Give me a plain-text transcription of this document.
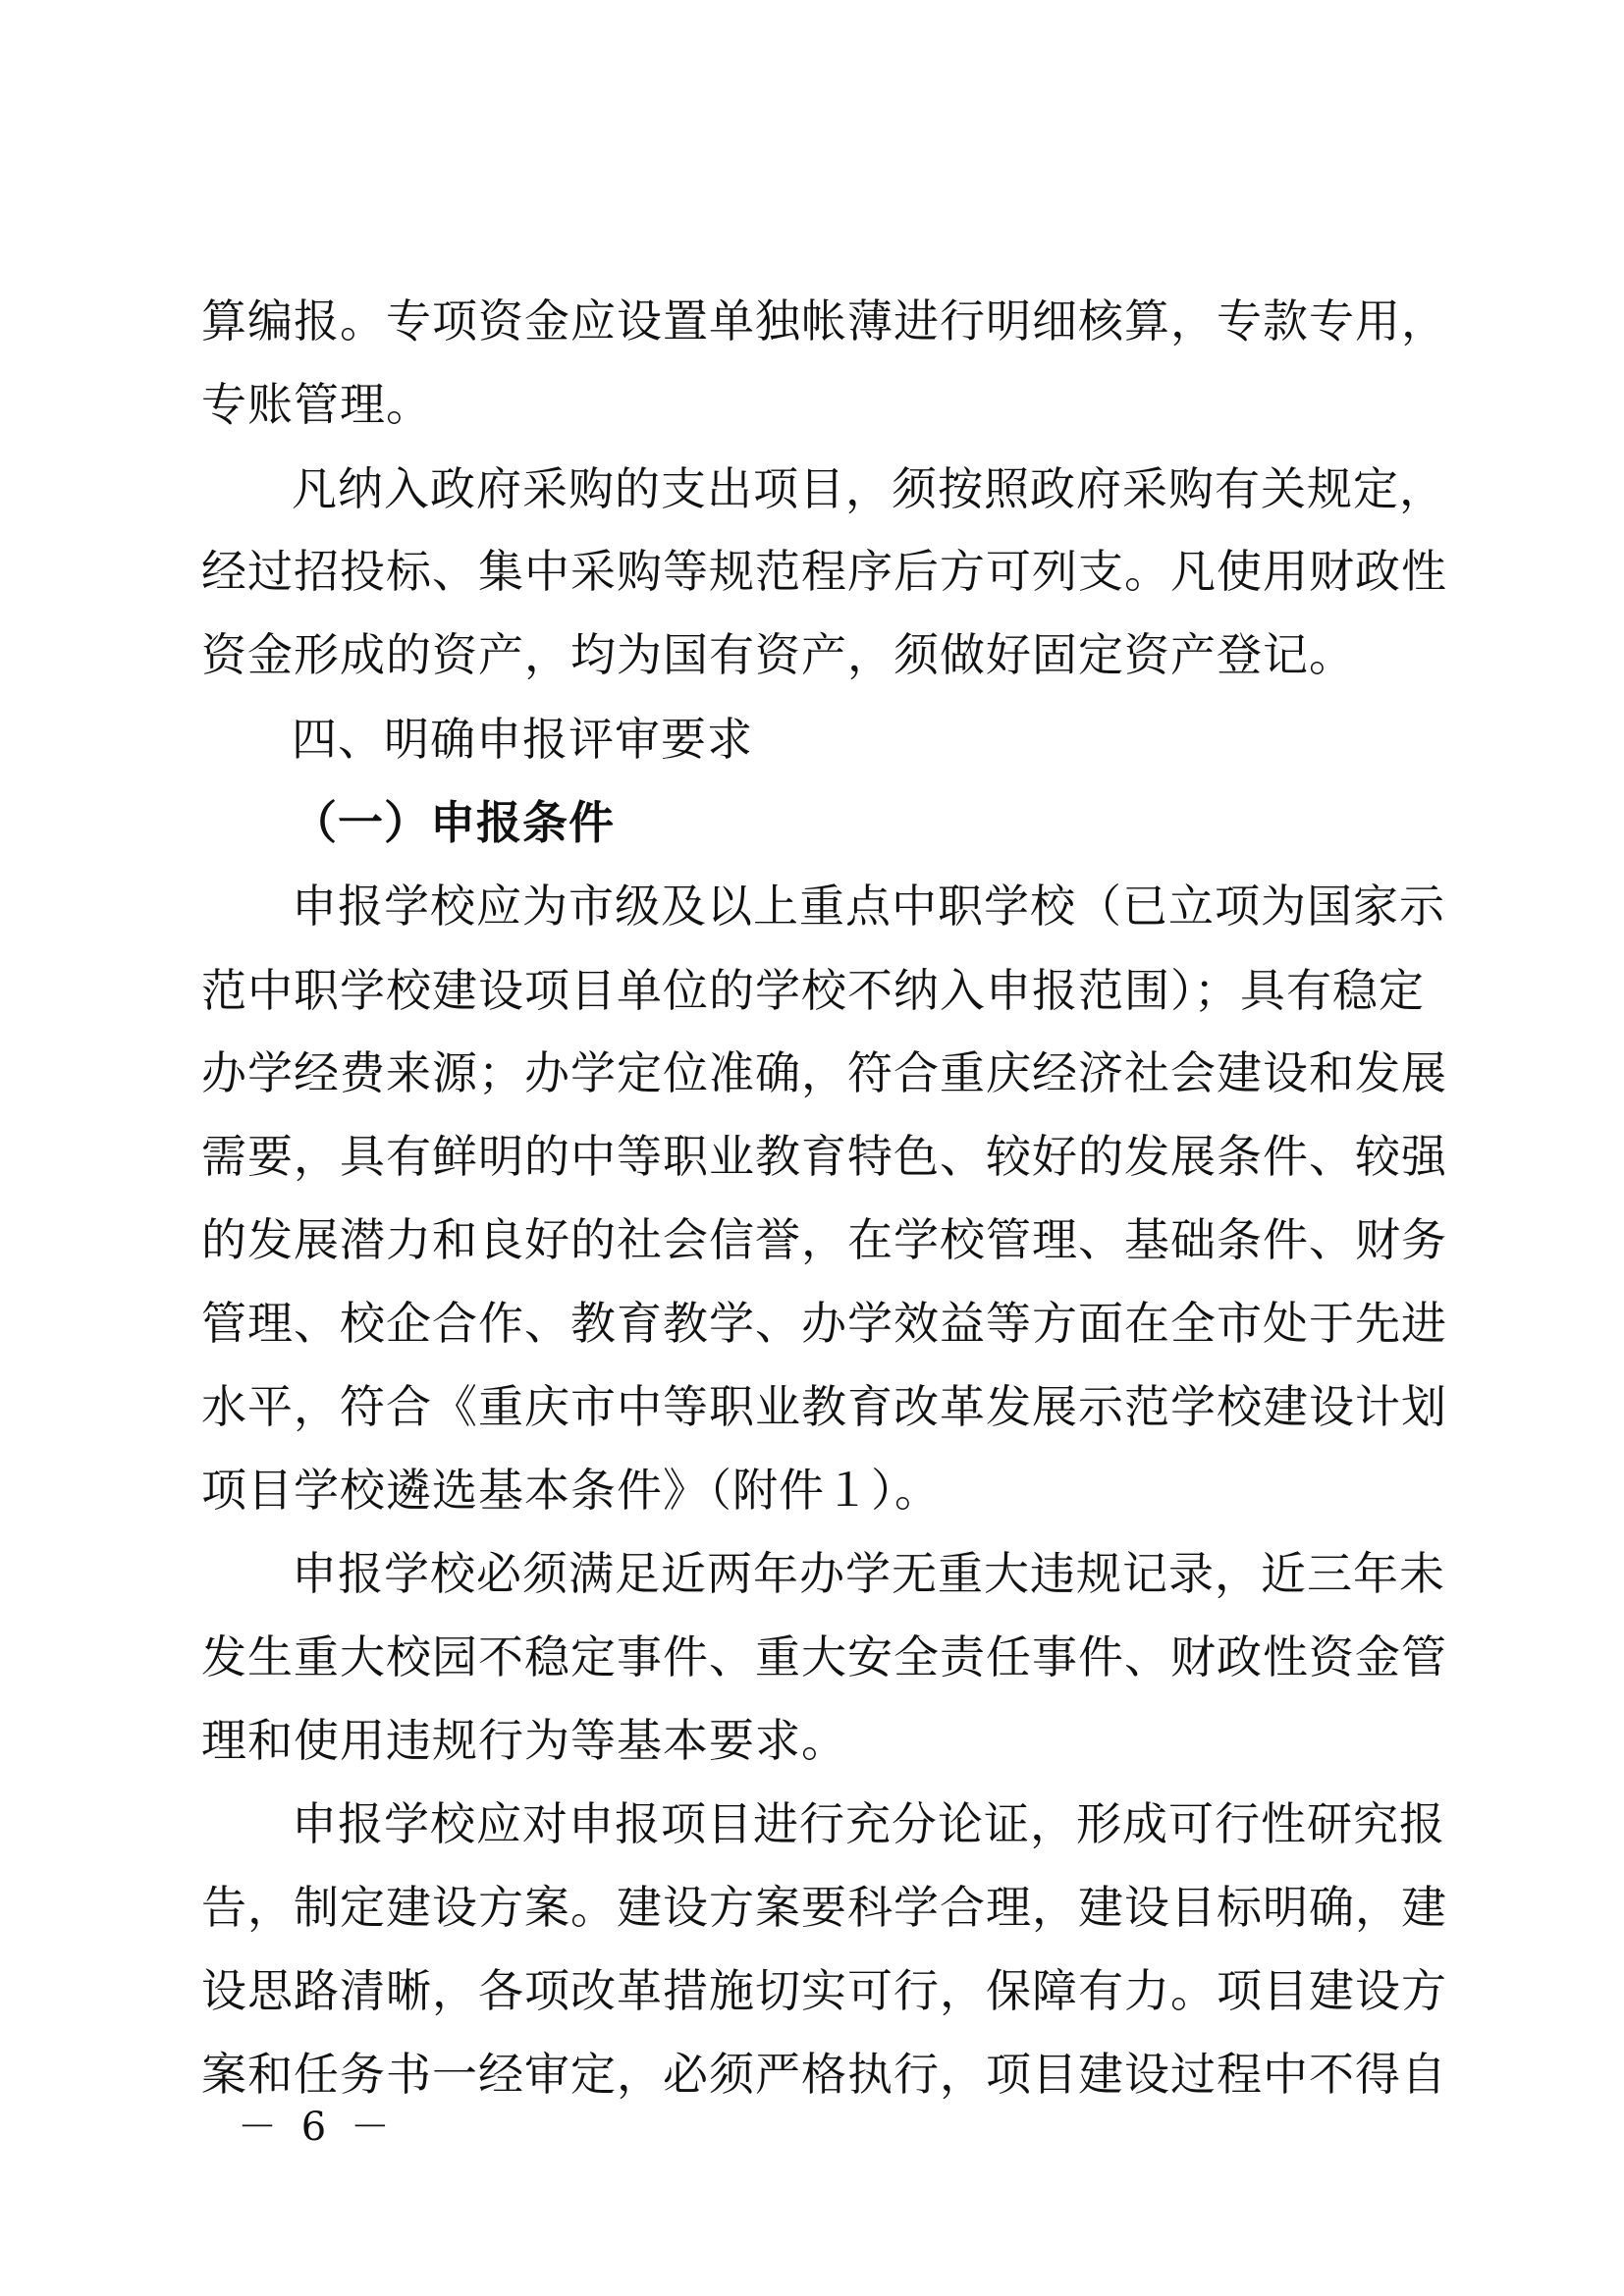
算编报。专项资金应设置单独帐薄进行明细核算，专款专用，
专账管理。
凡纳入政府采购的支出项目，须按照政府采购有关规定，
经过招投标、集中采购等规范程序后方可列支。凡使用财政性
资金形成的资产，均为国有资产，须做好固定资产登记。
四、明确申报评审要求
（一）申报条件
申报学校应为市级及以上重点中职学校（已立项为国家示
范中职学校建设项目单位的学校不纳入申报范围）；具有稳定
办学经费来源；办学定位准确，符合重庆经济社会建设和发展
需要，具有鲜明的中等职业教育特色、较好的发展条件、较强
的发展潜力和良好的社会信誉，在学校管理、基础条件、财务
管理、校企合作、教育教学、办学效益等方面在全市处于先进
水平，符合《重庆市中等职业教育改革发展示范学校建设计划
项目学校遴选基本条件》（附件１）。
申报学校必须满足近两年办学无重大违规记录，近三年未
发生重大校园不稳定事件、重大安全责任事件、财政性资金管
理和使用违规行为等基本要求。
申报学校应对申报项目进行充分论证，形成可行性研究报
告，制定建设方案。建设方案要科学合理，建设目标明确，建
设思路清晰，各项改革措施切实可行，保障有力。项目建设方
案和任务书一经审定，必须严格执行，项目建设过程中不得自
－ 6 －
